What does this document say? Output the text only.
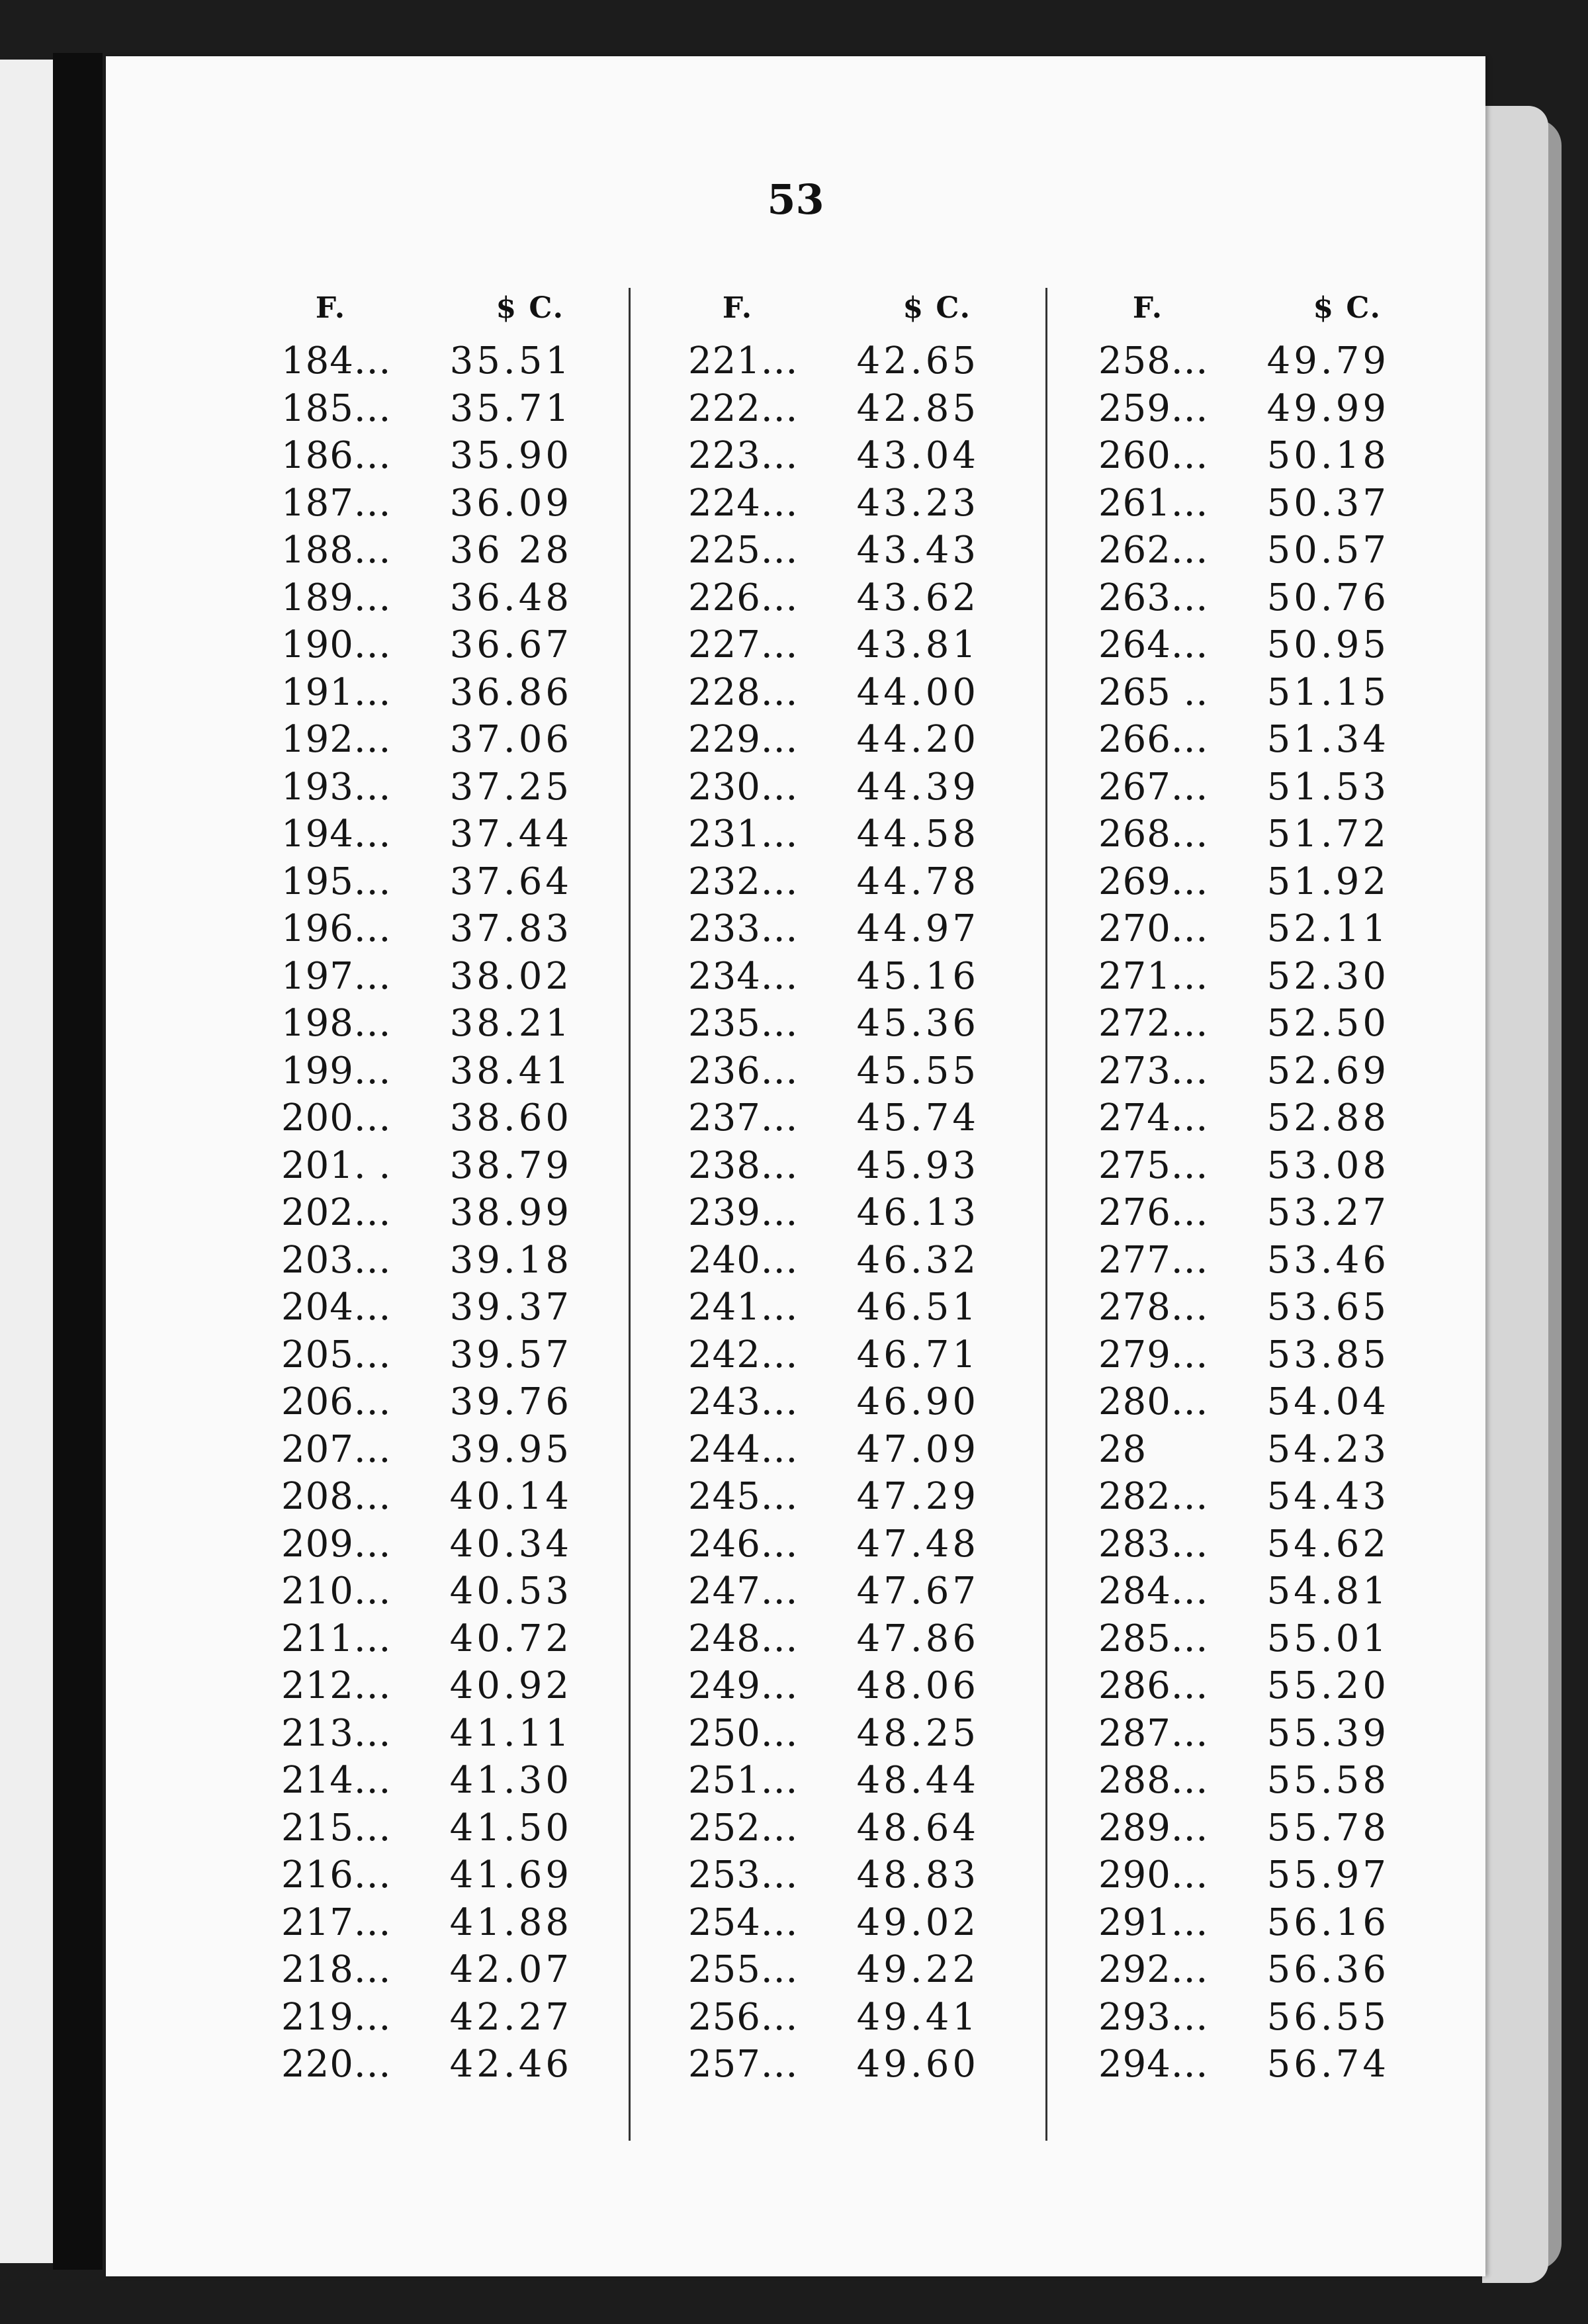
53
F.	$ C.
184...	35.51
185...	35.71
186...	35.90
187...	36.09
188...	36 28
189...	36.48
190...	36.67
191...	36.86
192...	37.06
193...	37.25
194...	37.44
195...	37.64
196...	37.83
197...	38.02
198...	38.21
199...	38.41
200...	38.60
201. .	38.79
202...	38.99
203...	39.18
204...	39.37
205...	39.57
206...	39.76
207...	39.95
208...	40.14
209...	40.34
210...	40.53
211...	40.72
212...	40.92
213...	41.11
214...	41.30
215...	41.50
216...	41.69
217...	41.88
218...	42.07
219...	42.27
220...	42.46
F.	$ C.
221...	42.65
222...	42.85
223...	43.04
224...	43.23
225...	43.43
226...	43.62
227...	43.81
228...	44.00
229...	44.20
230...	44.39
231...	44.58
232...	44.78
233...	44.97
234...	45.16
235...	45.36
236...	45.55
237...	45.74
238...	45.93
239...	46.13
240...	46.32
241...	46.51
242...	46.71
243...	46.90
244...	47.09
245...	47.29
246...	47.48
247...	47.67
248...	47.86
249...	48.06
250...	48.25
251...	48.44
252...	48.64
253...	48.83
254...	49.02
255...	49.22
256...	49.41
257...	49.60
F.	$ C.
258...	49.79
259...	49.99
260...	50.18
261...	50.37
262...	50.57
263...	50.76
264...	50.95
265 ..	51.15
266...	51.34
267...	51.53
268...	51.72
269...	51.92
270...	52.11
271...	52.30
272...	52.50
273...	52.69
274...	52.88
275...	53.08
276...	53.27
277...	53.46
278...	53.65
279...	53.85
280...	54.04
28	54.23
282...	54.43
283...	54.62
284...	54.81
285...	55.01
286...	55.20
287...	55.39
288...	55.58
289...	55.78
290...	55.97
291...	56.16
292...	56.36
293...	56.55
294...	56.74
